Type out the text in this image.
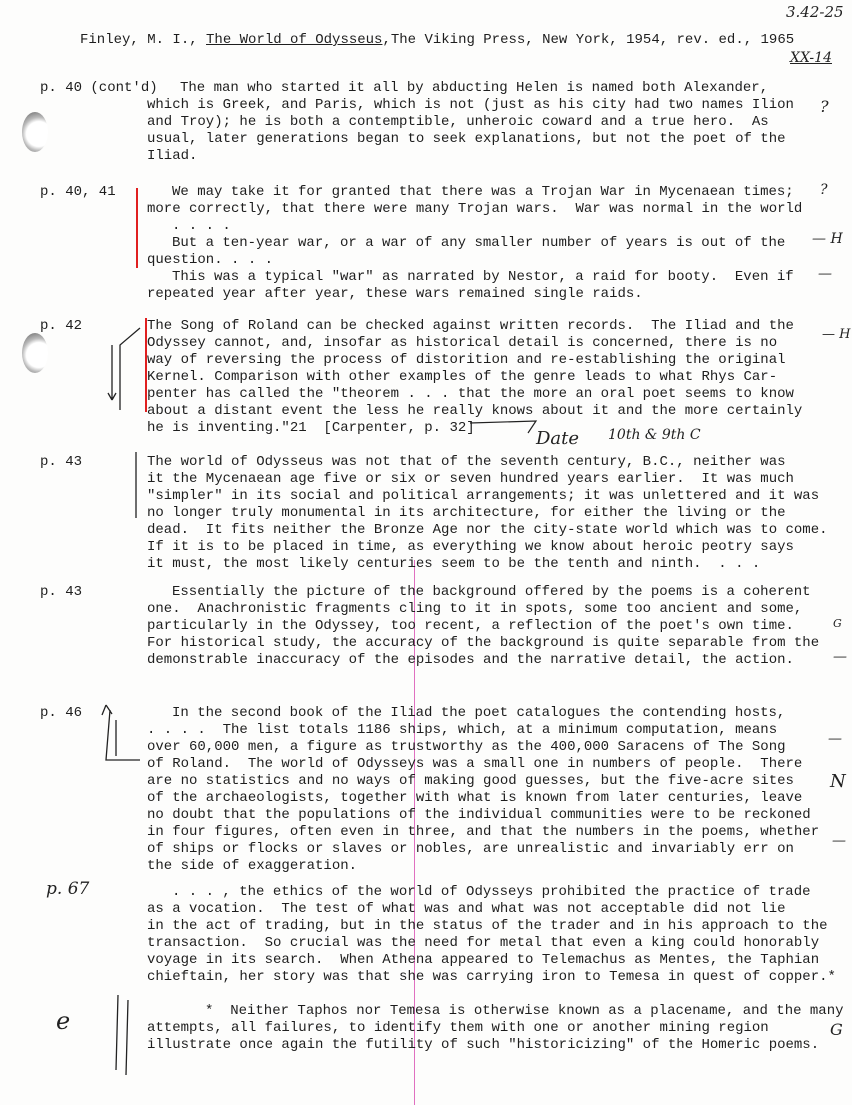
3.42-25
Finley, M. I., The World of Odysseus,The Viking Press, New York, 1954, rev. ed., 1965
XX-14
p. 40 (cont'd) The man who started it all by abducting Helen is named both Alexander,
which is Greek, and Paris, which is not (just as his city had two names Ilion
and Troy); he is both a contemptible, unheroic coward and a true hero.  As
usual, later generations began to seek explanations, but not the poet of the
Iliad.
p. 40, 41	We may take it for granted that there was a Trojan War in Mycenaean times;
more correctly, that there were many Trojan wars.  War was normal in the world
. . . .
But a ten-year war, or a war of any smaller number of years is out of the
question. . . .
This was a typical "war" as narrated by Nestor, a raid for booty.  Even if
repeated year after year, these wars remained single raids.
p. 42	The Song of Roland can be checked against written records.  The Iliad and the
Odyssey cannot, and, insofar as historical detail is concerned, there is no
way of reversing the process of distorition and re-establishing the original
Kernel. Comparison with other examples of the genre leads to what Rhys Car-
penter has called the "theorem . . . that the more an oral poet seems to know
about a distant event the less he really knows about it and the more certainly
he is inventing."21  [Carpenter, p. 32]
p. 43	The world of Odysseus was not that of the seventh century, B.C., neither was
it the Mycenaean age five or six or seven hundred years earlier.  It was much
"simpler" in its social and political arrangements; it was unlettered and it was
no longer truly monumental in its architecture, for either the living or the
dead.  It fits neither the Bronze Age nor the city-state world which was to come.
If it is to be placed in time, as everything we know about heroic peotry says
it must, the most likely centuries seem to be the tenth and ninth.  . . .
p. 43	Essentially the picture of the background offered by the poems is a coherent
one.  Anachronistic fragments cling to it in spots, some too ancient and some,
particularly in the Odyssey, too recent, a reflection of the poet's own time.
For historical study, the accuracy of the background is quite separable from the
demonstrable inaccuracy of the episodes and the narrative detail, the action.
p. 46	In the second book of the Iliad the poet catalogues the contending hosts,
. . . .  The list totals 1186 ships, which, at a minimum computation, means
over 60,000 men, a figure as trustworthy as the 400,000 Saracens of The Song
of Roland.  The world of Odysseys was a small one in numbers of people.  There
are no statistics and no ways of making good guesses, but the five-acre sites
of the archaeologists, together with what is known from later centuries, leave
no doubt that the populations of the individual communities were to be reckoned
in four figures, often even in three, and that the numbers in the poems, whether
of ships or flocks or slaves or nobles, are unrealistic and invariably err on
the side of exaggeration.
p. 67	. . . , the ethics of the world of Odysseys prohibited the practice of trade
as a vocation.  The test of what was and what was not acceptable did not lie
in the act of trading, but in the status of the trader and in his approach to the
transaction.  So crucial was the need for metal that even a king could honorably
voyage in its search.  When Athena appeared to Telemachus as Mentes, the Taphian
chieftain, her story was that she was carrying iron to Temesa in quest of copper.*
*  Neither Taphos nor Temesa is otherwise known as a placename, and the many
attempts, all failures, to identify them with one or another mining region
illustrate once again the futility of such "historicizing" of the Homeric poems.
Date 10th & 9th C
?
?
— H
—
— H
G
—
—
N
—
G
e
